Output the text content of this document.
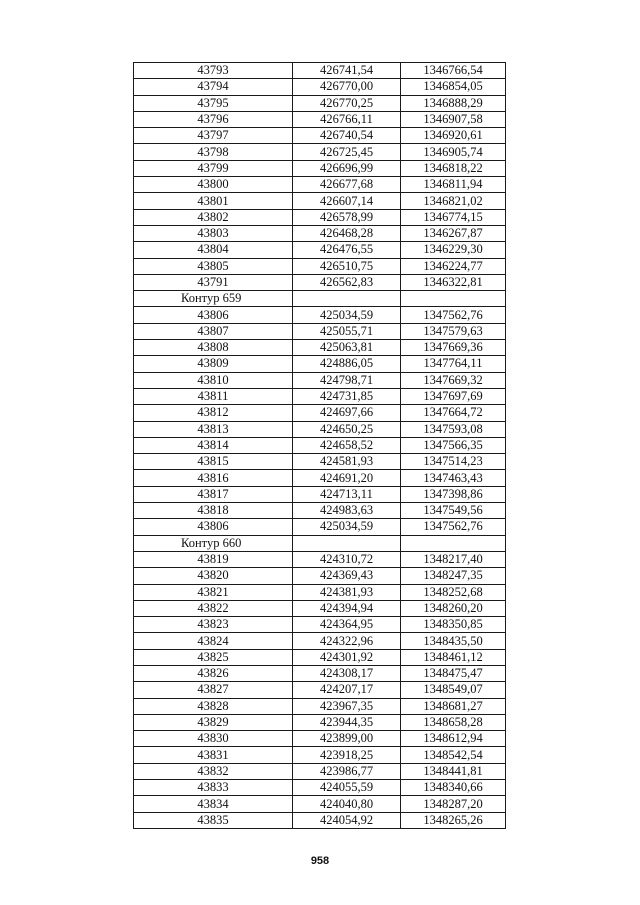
43793	426741,54	1346766,54
43794	426770,00	1346854,05
43795	426770,25	1346888,29
43796	426766,11	1346907,58
43797	426740,54	1346920,61
43798	426725,45	1346905,74
43799	426696,99	1346818,22
43800	426677,68	1346811,94
43801	426607,14	1346821,02
43802	426578,99	1346774,15
43803	426468,28	1346267,87
43804	426476,55	1346229,30
43805	426510,75	1346224,77
43791	426562,83	1346322,81
Контур 659		
43806	425034,59	1347562,76
43807	425055,71	1347579,63
43808	425063,81	1347669,36
43809	424886,05	1347764,11
43810	424798,71	1347669,32
43811	424731,85	1347697,69
43812	424697,66	1347664,72
43813	424650,25	1347593,08
43814	424658,52	1347566,35
43815	424581,93	1347514,23
43816	424691,20	1347463,43
43817	424713,11	1347398,86
43818	424983,63	1347549,56
43806	425034,59	1347562,76
Контур 660		
43819	424310,72	1348217,40
43820	424369,43	1348247,35
43821	424381,93	1348252,68
43822	424394,94	1348260,20
43823	424364,95	1348350,85
43824	424322,96	1348435,50
43825	424301,92	1348461,12
43826	424308,17	1348475,47
43827	424207,17	1348549,07
43828	423967,35	1348681,27
43829	423944,35	1348658,28
43830	423899,00	1348612,94
43831	423918,25	1348542,54
43832	423986,77	1348441,81
43833	424055,59	1348340,66
43834	424040,80	1348287,20
43835	424054,92	1348265,26
958
